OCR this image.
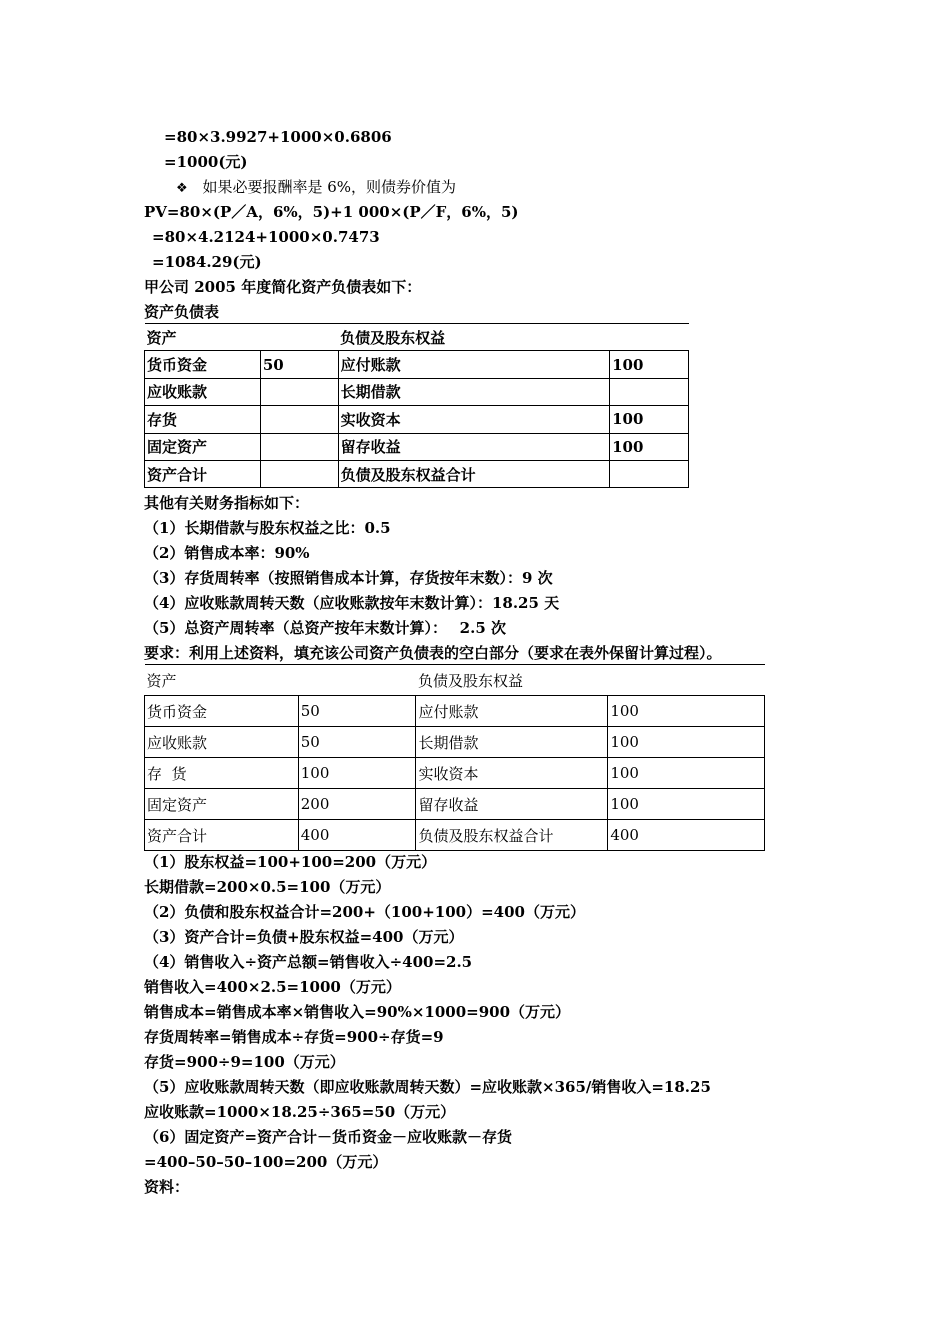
=80×3.9927+1000×0.6806
=1000(元)
❖ 如果必要报酬率是 6%，则债券价值为
PV=80×(P／A，6%，5)+1 000×(P／F，6%，5)
=80×4.2124+1000×0.7473
=1084.29(元)
甲公司 2005 年度简化资产负债表如下：
资产负债表
资产		负债及股东权益	
货币资金	50	应付账款	100
应收账款		长期借款	
存货		实收资本	100
固定资产		留存收益	100
资产合计		负债及股东权益合计	
其他有关财务指标如下：
（1）长期借款与股东权益之比：0.5
（2）销售成本率：90%
（3）存货周转率（按照销售成本计算，存货按年末数）：9 次
（4）应收账款周转天数（应收账款按年末数计算）：18.25 天
（5）总资产周转率（总资产按年末数计算）：　 2.5 次
要求：利用上述资料，填充该公司资产负债表的空白部分（要求在表外保留计算过程）。
资产		负债及股东权益	
货币资金	50	应付账款	100
应收账款	50	长期借款	100
存  货	100	实收资本	100
固定资产	200	留存收益	100
资产合计	400	负债及股东权益合计	400
（1）股东权益=100+100=200（万元）
长期借款=200×0.5=100（万元）
（2）负债和股东权益合计=200+（100+100）=400（万元）
（3）资产合计=负债+股东权益=400（万元）
（4）销售收入÷资产总额=销售收入÷400=2.5
销售收入=400×2.5=1000（万元）
销售成本=销售成本率×销售收入=90%×1000=900（万元）
存货周转率=销售成本÷存货=900÷存货=9
存货=900÷9=100（万元）
（5）应收账款周转天数（即应收账款周转天数）=应收账款×365/销售收入=18.25
应收账款=1000×18.25÷365=50（万元）
（6）固定资产=资产合计－货币资金－应收账款－存货
=400–50–50–100=200（万元）
资料：
